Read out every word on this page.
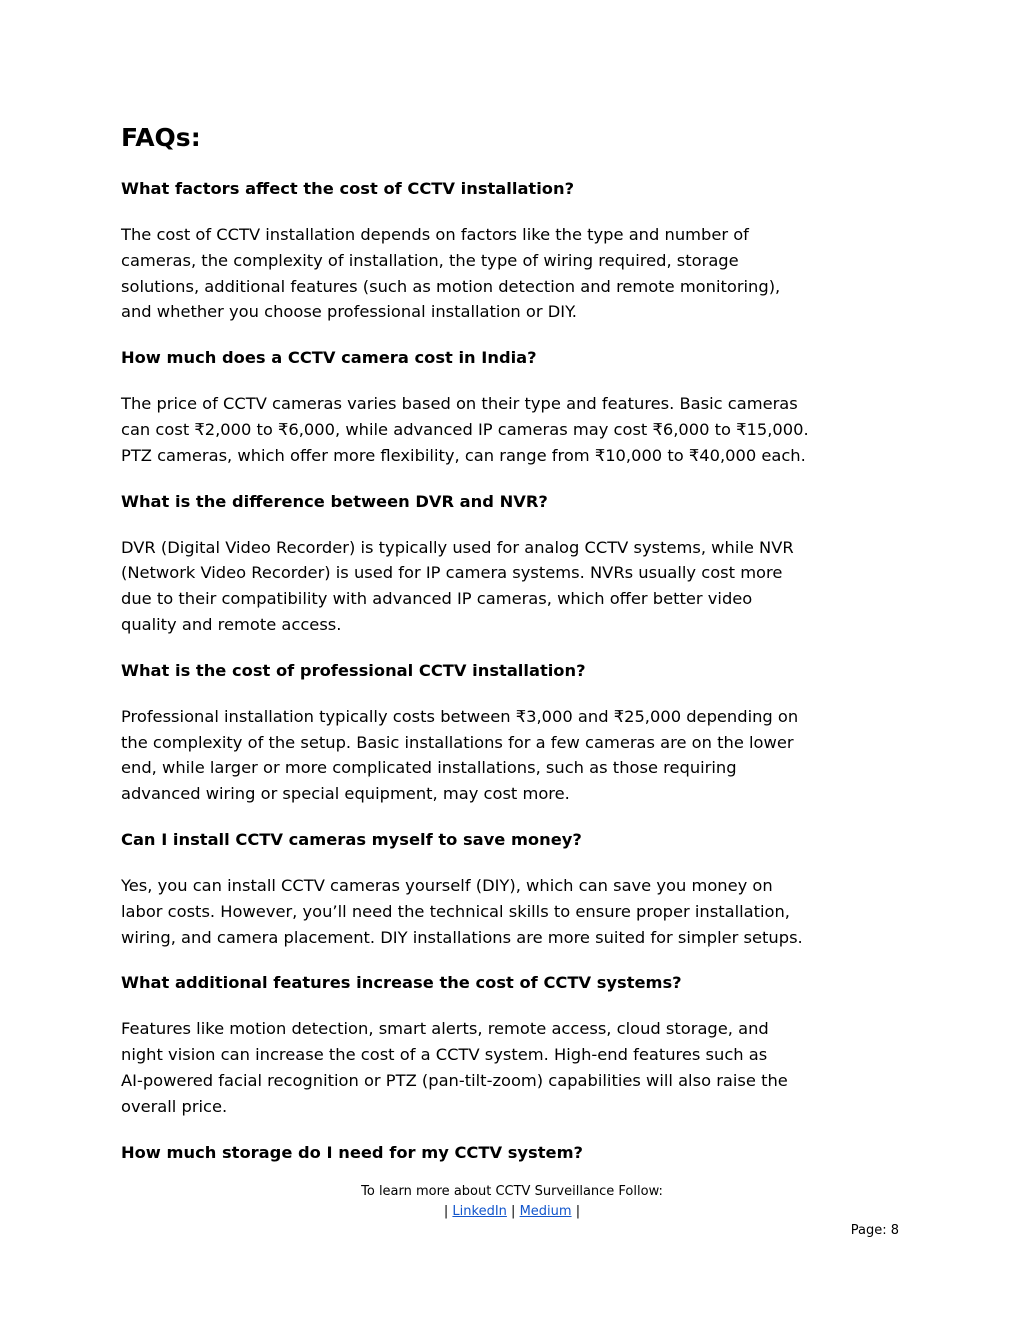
FAQs:
What factors affect the cost of CCTV installation?

The cost of CCTV installation depends on factors like the type and number of
cameras, the complexity of installation, the type of wiring required, storage
solutions, additional features (such as motion detection and remote monitoring),
and whether you choose professional installation or DIY.

How much does a CCTV camera cost in India?

The price of CCTV cameras varies based on their type and features. Basic cameras
can cost ₹2,000 to ₹6,000, while advanced IP cameras may cost ₹6,000 to ₹15,000.
PTZ cameras, which offer more flexibility, can range from ₹10,000 to ₹40,000 each.

What is the difference between DVR and NVR?

DVR (Digital Video Recorder) is typically used for analog CCTV systems, while NVR
(Network Video Recorder) is used for IP camera systems. NVRs usually cost more
due to their compatibility with advanced IP cameras, which offer better video
quality and remote access.

What is the cost of professional CCTV installation?

Professional installation typically costs between ₹3,000 and ₹25,000 depending on
the complexity of the setup. Basic installations for a few cameras are on the lower
end, while larger or more complicated installations, such as those requiring
advanced wiring or special equipment, may cost more.

Can I install CCTV cameras myself to save money?

Yes, you can install CCTV cameras yourself (DIY), which can save you money on
labor costs. However, you’ll need the technical skills to ensure proper installation,
wiring, and camera placement. DIY installations are more suited for simpler setups.

What additional features increase the cost of CCTV systems?

Features like motion detection, smart alerts, remote access, cloud storage, and
night vision can increase the cost of a CCTV system. High-end features such as
AI-powered facial recognition or PTZ (pan-tilt-zoom) capabilities will also raise the
overall price.

How much storage do I need for my CCTV system?
To learn more about CCTV Surveillance Follow:
| LinkedIn | Medium |
Page: 8
